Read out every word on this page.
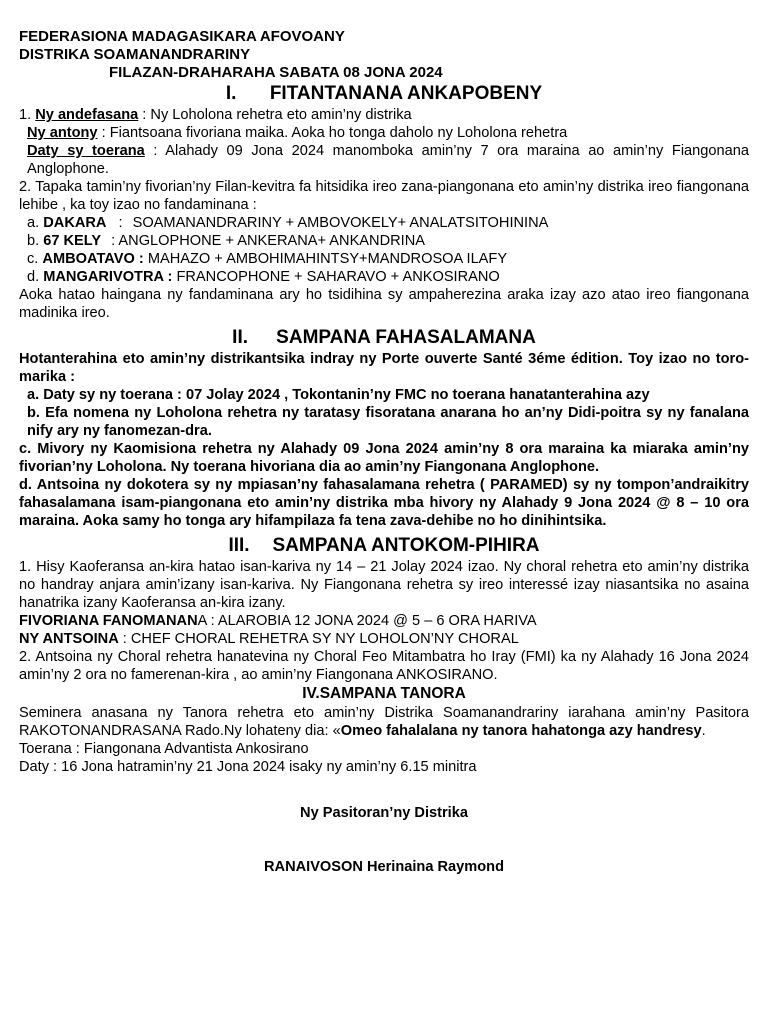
FEDERASIONA MADAGASIKARA AFOVOANY
DISTRIKA SOAMANANDRARINY
FILAZAN-DRAHARAHA SABATA 08 JONA 2024
I. FITANTANANA ANKAPOBENY

1. Ny andefasana : Ny Loholona rehetra eto amin’ny distrika

Ny antony : Fiantsoana fivoriana maika. Aoka ho tonga daholo ny Loholona rehetra

Daty sy toerana : Alahady 09 Jona 2024 manomboka amin’ny 7 ora maraina ao amin’ny Fiangonana Anglophone.

2. Tapaka tamin’ny fivorian’ny Filan-kevitra fa hitsidika ireo zana-piangonana eto amin’ny distrika ireo fiangonana lehibe , ka toy izao no fandaminana :

a. DAKARA : SOAMANANDRARINY + AMBOVOKELY+ ANALATSITOHININA
b. 67 KELY : ANGLOPHONE + ANKERANA+ ANKANDRINA
c. AMBOATAVO : MAHAZO + AMBOHIMAHINTSY+MANDROSOA ILAFY
d. MANGARIVOTRA : FRANCOPHONE + SAHARAVO + ANKOSIRANO

Aoka hatao haingana ny fandaminana ary ho tsidihina sy ampaherezina araka izay azo atao ireo fiangonana madinika ireo.

II. SAMPANA FAHASALAMANA

Hotanterahina eto amin’ny distrikantsika indray ny Porte ouverte Santé 3éme édition. Toy izao no toro-marika :

a. Daty sy ny toerana : 07 Jolay 2024 , Tokontanin’ny FMC no toerana hanatanterahina azy

b. Efa nomena ny Loholona rehetra ny taratasy fisoratana anarana ho an’ny Didi-poitra sy ny fanalana nify ary ny fanomezan-dra.

c. Mivory ny Kaomisiona rehetra ny Alahady 09 Jona 2024 amin’ny 8 ora maraina ka miaraka amin’ny fivorian’ny Loholona. Ny toerana hivoriana dia ao amin’ny Fiangonana Anglophone.

d. Antsoina ny dokotera sy ny mpiasan’ny fahasalamana rehetra ( PARAMED) sy ny tompon’andraikitry fahasalamana isam-piangonana eto amin’ny distrika mba hivory ny Alahady 9 Jona 2024 @ 8 – 10 ora maraina. Aoka samy ho tonga ary hifampilaza fa tena zava-dehibe no ho dinihintsika.

III. SAMPANA ANTOKOM-PIHIRA

1. Hisy Kaoferansa an-kira hatao isan-kariva ny 14 – 21 Jolay 2024 izao. Ny choral rehetra eto amin’ny distrika no handray anjara amin’izany isan-kariva. Ny Fiangonana rehetra sy ireo interessé izay niasantsika no asaina hanatrika izany Kaoferansa an-kira izany.

FIVORIANA FANOMANANA : ALAROBIA 12 JONA 2024 @ 5 – 6 ORA HARIVA

NY ANTSOINA : CHEF CHORAL REHETRA SY NY LOHOLON’NY CHORAL

2. Antsoina ny Choral rehetra hanatevina ny Choral Feo Mitambatra ho Iray (FMI) ka ny Alahady 16 Jona 2024 amin’ny 2 ora no famerenan-kira , ao amin’ny Fiangonana ANKOSIRANO.

IV.SAMPANA TANORA

Seminera anasana ny Tanora rehetra eto amin’ny Distrika Soamanandrariny iarahana amin’ny Pasitora RAKOTONANDRASANA Rado.Ny lohateny dia: «Omeo fahalalana ny tanora hahatonga azy handresy.

Toerana : Fiangonana Advantista Ankosirano

Daty : 16 Jona hatramin’ny 21 Jona 2024 isaky ny amin’ny 6.15 minitra

Ny Pasitoran’ny Distrika

RANAIVOSON Herinaina Raymond
